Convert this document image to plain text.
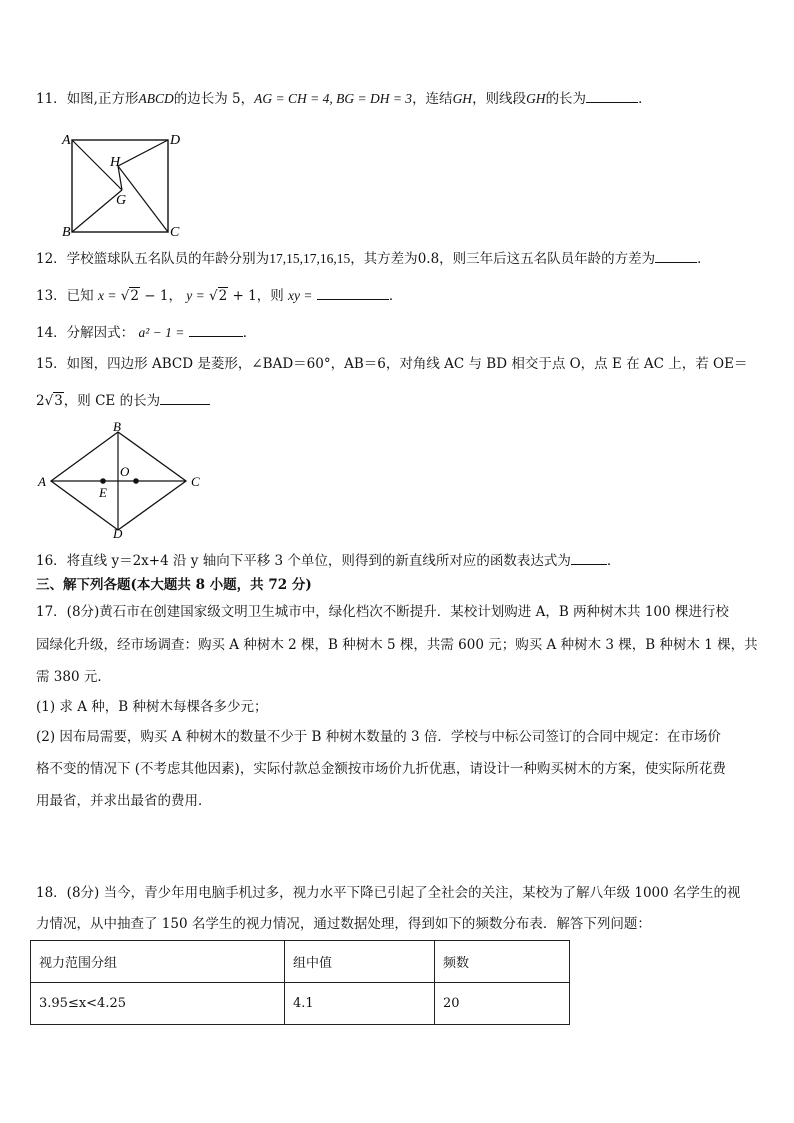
11．如图,正方形ABCD的边长为 5，AG = CH = 4, BG = DH = 3，连结GH，则线段GH的长为	．
A	D
B	C
H
G
12．学校篮球队五名队员的年龄分别为17,15,17,16,15，其方差为0.8，则三年后这五名队员年龄的方差为	．
13．已知 x = √2 − 1， y = √2 + 1，则 xy =	．
14．分解因式： a² − 1 =	．
15．如图，四边形 ABCD 是菱形，∠BAD＝60°，AB＝6，对角线 AC 与 BD 相交于点 O，点 E 在 AC 上，若 OE＝
2√3，则 CE 的长为
A
B
C
D
O
E
16．将直线 y＝2x+4 沿 y 轴向下平移 3 个单位，则得到的新直线所对应的函数表达式为	．
三、解下列各题(本大题共 8 小题，共 72 分)
17．(8分)黄石市在创建国家级文明卫生城市中，绿化档次不断提升．某校计划购进 A，B 两种树木共 100 棵进行校
园绿化升级，经市场调查：购买 A 种树木 2 棵，B 种树木 5 棵，共需 600 元；购买 A 种树木 3 棵，B 种树木 1 棵，共
需 380 元．
(1) 求 A 种，B 种树木每棵各多少元；
(2) 因布局需要，购买 A 种树木的数量不少于 B 种树木数量的 3 倍．学校与中标公司签订的合同中规定：在市场价
格不变的情况下 (不考虑其他因素)，实际付款总金额按市场价九折优惠，请设计一种购买树木的方案，使实际所花费
用最省，并求出最省的费用．
18．(8分) 当今，青少年用电脑手机过多，视力水平下降已引起了全社会的关注，某校为了解八年级 1000 名学生的视
力情况，从中抽查了 150 名学生的视力情况，通过数据处理，得到如下的频数分布表．解答下列问题：
视力范围分组	组中值	频数
3.95≤x<4.25	4.1	20
